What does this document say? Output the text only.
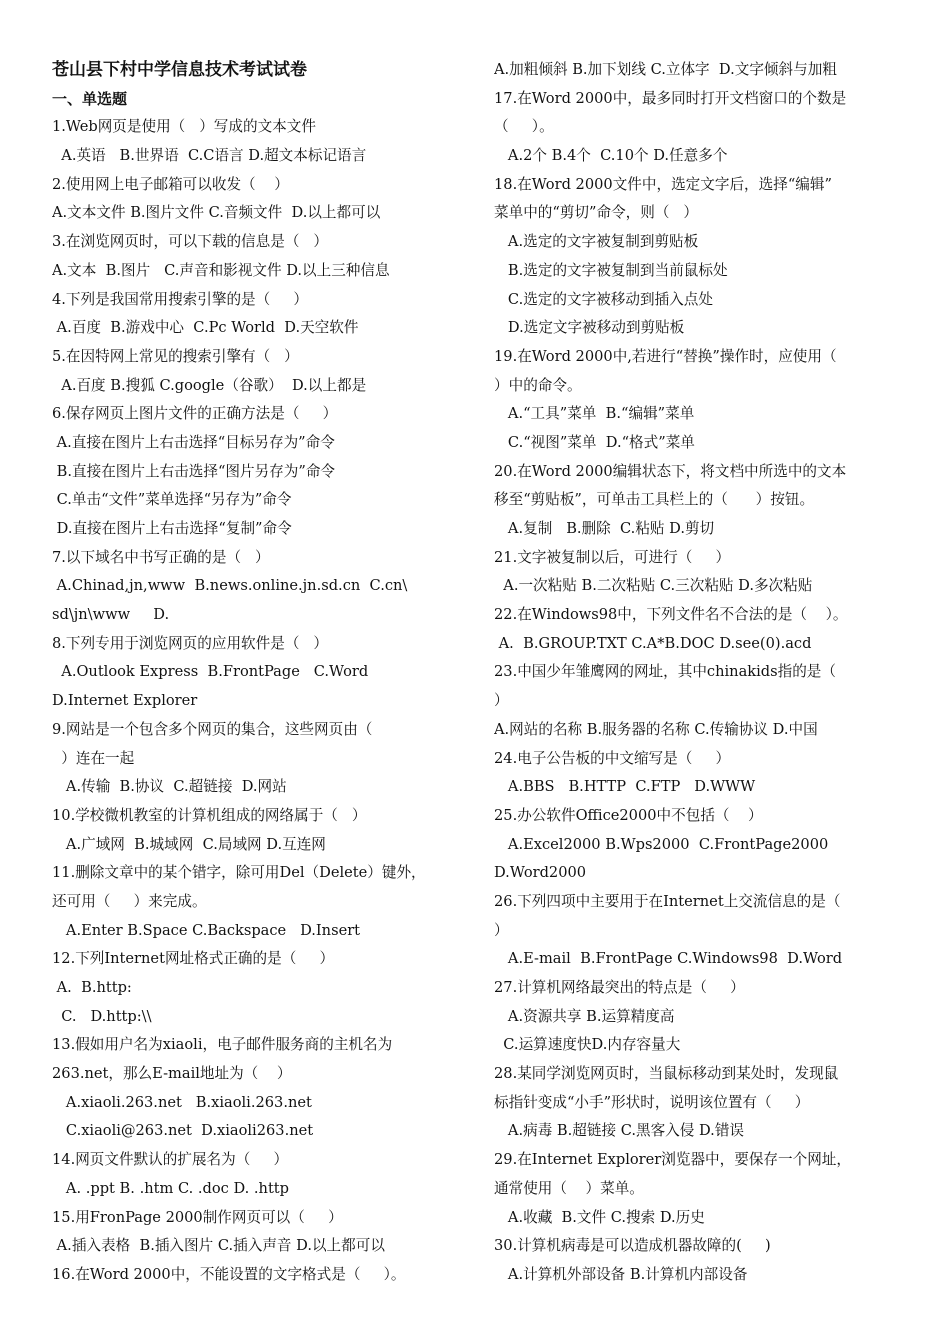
苍山县下村中学信息技术考试试卷
一、单选题
1.Web网页是使用（   ）写成的文本文件
A.英语   B.世界语  C.C语言 D.超文本标记语言
2.使用网上电子邮箱可以收发（    ）
A.文本文件 B.图片文件 C.音频文件  D.以上都可以
3.在浏览网页时，可以下载的信息是（   ）
A.文本  B.图片   C.声音和影视文件 D.以上三种信息
4.下列是我国常用搜索引擎的是（     ）
A.百度  B.游戏中心  C.Pc World  D.天空软件
5.在因特网上常见的搜索引擎有（   ）
A.百度 B.搜狐 C.google（谷歌）  D.以上都是
6.保存网页上图片文件的正确方法是（     ）
A.直接在图片上右击选择“目标另存为”命令
B.直接在图片上右击选择“图片另存为”命令
C.单击“文件”菜单选择“另存为”命令
D.直接在图片上右击选择“复制”命令
7.以下域名中书写正确的是（   ）
A.Chinad,jn,www  B.news.online.jn.sd.cn  C.cn\
sd\jn\www     D.
8.下列专用于浏览网页的应用软件是（   ）
A.Outlook Express  B.FrontPage   C.Word
D.Internet Explorer
9.网站是一个包含多个网页的集合，这些网页由（
）连在一起
A.传输  B.协议  C.超链接  D.网站
10.学校微机教室的计算机组成的网络属于（   ）
A.广域网  B.城域网  C.局域网 D.互连网
11.删除文章中的某个错字，除可用Del（Delete）键外，
还可用（     ）来完成。
A.Enter B.Space C.Backspace   D.Insert
12.下列Internet网址格式正确的是（     ）
A.  B.http:
C.   D.http:\\
13.假如用户名为xiaoli，电子邮件服务商的主机名为
263.net，那么E-mail地址为（    ）
A.xiaoli.263.net   B.xiaoli.263.net
C.xiaoli@263.net  D.xiaoli263.net
14.网页文件默认的扩展名为（     ）
A. .ppt B. .htm C. .doc D. .http
15.用FronPage 2000制作网页可以（     ）
A.插入表格  B.插入图片 C.插入声音 D.以上都可以
16.在Word 2000中，不能设置的文字格式是（     ）。
A.加粗倾斜 B.加下划线 C.立体字  D.文字倾斜与加粗
17.在Word 2000中，最多同时打开文档窗口的个数是
（     ）。
A.2个 B.4个  C.10个 D.任意多个
18.在Word 2000文件中，选定文字后，选择“编辑”
菜单中的“剪切”命令，则（   ）
A.选定的文字被复制到剪贴板
B.选定的文字被复制到当前鼠标处
C.选定的文字被移动到插入点处
D.选定文字被移动到剪贴板
19.在Word 2000中,若进行“替换”操作时，应使用（
）中的命令。
A.“工具”菜单  B.“编辑”菜单
C.“视图”菜单  D.“格式”菜单
20.在Word 2000编辑状态下，将文档中所选中的文本
移至“剪贴板”，可单击工具栏上的（      ）按钮。
A.复制   B.删除  C.粘贴 D.剪切
21.文字被复制以后，可进行（     ）
A.一次粘贴 B.二次粘贴 C.三次粘贴 D.多次粘贴
22.在Windows98中，下列文件名不合法的是（    ）。
A.  B.GROUP.TXT C.A*B.DOC D.see(0).acd
23.中国少年雏鹰网的网址，其中chinakids指的是（
）
A.网站的名称 B.服务器的名称 C.传输协议 D.中国
24.电子公告板的中文缩写是（     ）
A.BBS   B.HTTP  C.FTP   D.WWW
25.办公软件Office2000中不包括（    ）
A.Excel2000 B.Wps2000  C.FrontPage2000
D.Word2000
26.下列四项中主要用于在Internet上交流信息的是（
）
A.E-mail  B.FrontPage C.Windows98  D.Word
27.计算机网络最突出的特点是（     ）
A.资源共享 B.运算精度高
C.运算速度快D.内存容量大
28.某同学浏览网页时，当鼠标移动到某处时，发现鼠
标指针变成“小手”形状时，说明该位置有（     ）
A.病毒 B.超链接 C.黑客入侵 D.错误
29.在Internet Explorer浏览器中，要保存一个网址，
通常使用（    ）菜单。
A.收藏  B.文件 C.搜索 D.历史
30.计算机病毒是可以造成机器故障的(     )
A.计算机外部设备 B.计算机内部设备
